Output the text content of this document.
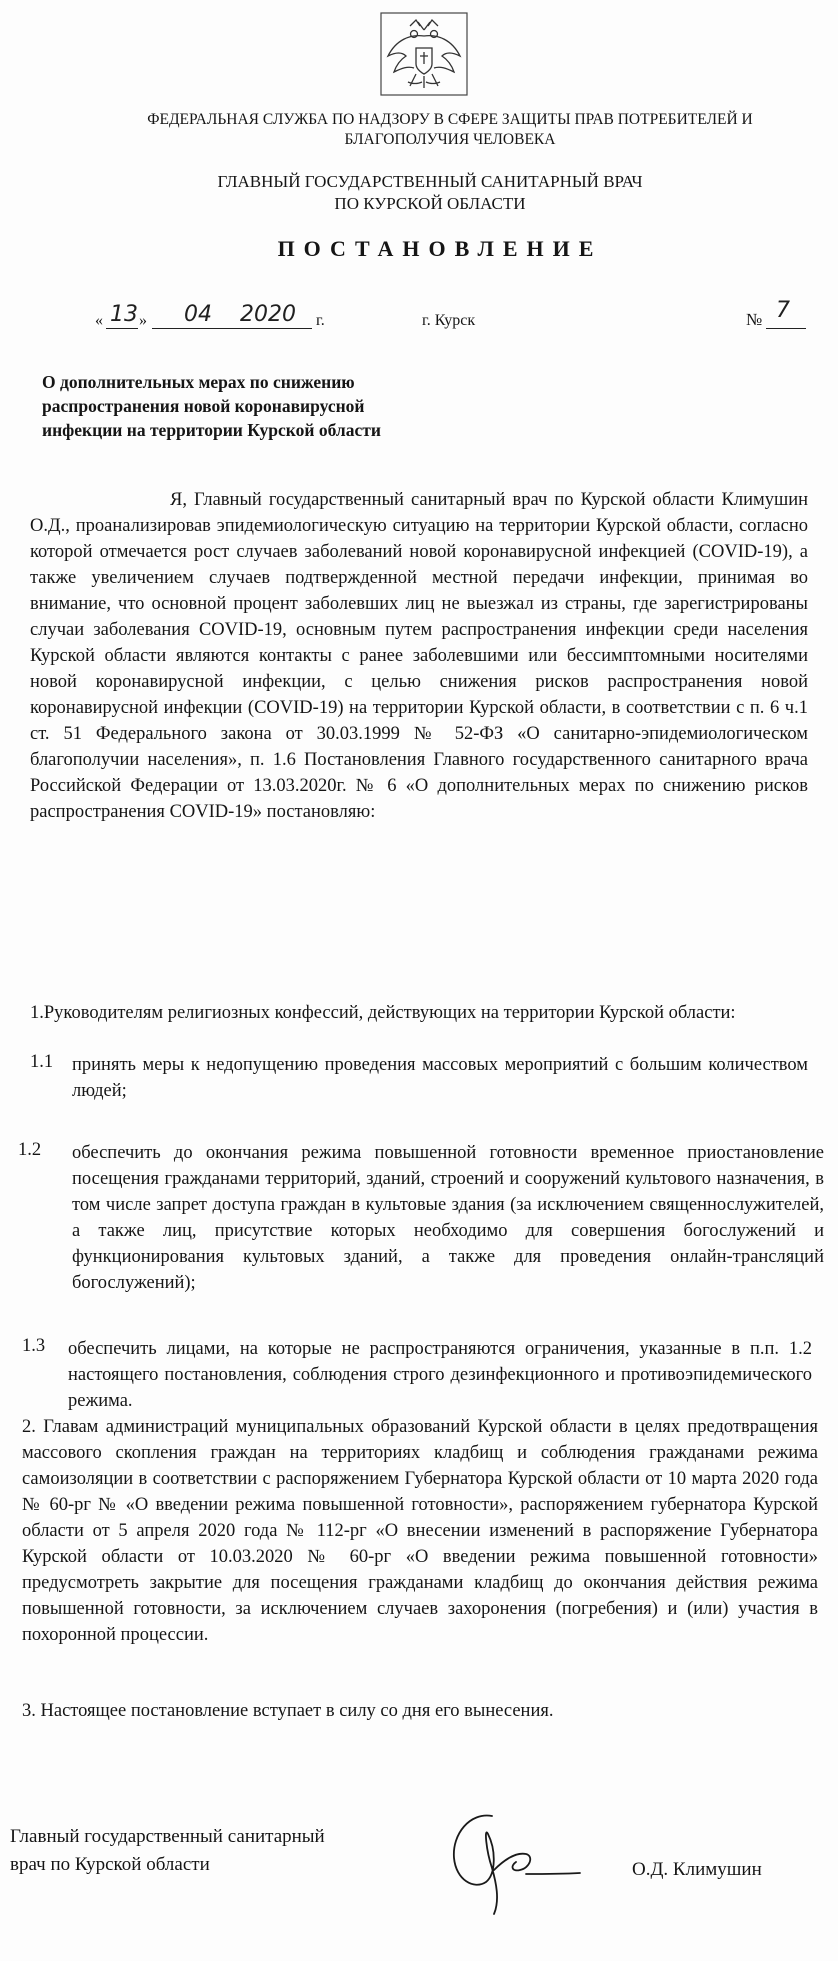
ФЕДЕРАЛЬНАЯ СЛУЖБА ПО НАДЗОРУ В СФЕРЕ ЗАЩИТЫ ПРАВ ПОТРЕБИТЕЛЕЙ И
БЛАГОПОЛУЧИЯ ЧЕЛОВЕКА
ГЛАВНЫЙ ГОСУДАРСТВЕННЫЙ САНИТАРНЫЙ ВРАЧ
ПО КУРСКОЙ ОБЛАСТИ
ПОСТАНОВЛЕНИЕ
« 13 » 04 2020 г.	г. Курск	№ 7
О дополнительных мерах по снижению распространения новой коронавирусной инфекции на территории Курской области
Я, Главный государственный санитарный врач по Курской области Климушин О.Д., проанализировав эпидемиологическую ситуацию на территории Курской области, согласно которой отмечается рост случаев заболеваний новой коронавирусной инфекцией (COVID-19), а также увеличением случаев подтвержденной местной передачи инфекции, принимая во внимание, что основной процент заболевших лиц не выезжал из страны, где зарегистрированы случаи заболевания COVID-19, основным путем распространения инфекции среди населения Курской области являются контакты с ранее заболевшими или бессимптомными носителями новой коронавирусной инфекции, с целью снижения рисков распространения новой коронавирусной инфекции (COVID-19) на территории Курской области, в соответствии с п. 6 ч.1 ст. 51 Федерального закона от 30.03.1999 № 52-ФЗ «О санитарно-эпидемиологическом благополучии населения», п. 1.6 Постановления Главного государственного санитарного врача Российской Федерации от 13.03.2020г. № 6 «О дополнительных мерах по снижению рисков распространения COVID-19» постановляю:
1.Руководителям религиозных конфессий, действующих на территории Курской области:
1.1 принять меры к недопущению проведения массовых мероприятий с большим количеством людей;
1.2 обеспечить до окончания режима повышенной готовности временное приостановление посещения гражданами территорий, зданий, строений и сооружений культового назначения, в том числе запрет доступа граждан в культовые здания (за исключением священнослужителей, а также лиц, присутствие которых необходимо для совершения богослужений и функционирования культовых зданий, а также для проведения онлайн-трансляций богослужений);
1.3 обеспечить лицами, на которые не распространяются ограничения, указанные в п.п. 1.2 настоящего постановления, соблюдения строго дезинфекционного и противоэпидемического режима.
2. Главам администраций муниципальных образований Курской области в целях предотвращения массового скопления граждан на территориях кладбищ и соблюдения гражданами режима самоизоляции в соответствии с распоряжением Губернатора Курской области от 10 марта 2020 года № 60-рг № «О введении режима повышенной готовности», распоряжением губернатора Курской области от 5 апреля 2020 года № 112-рг «О внесении изменений в распоряжение Губернатора Курской области от 10.03.2020 № 60-рг «О введении режима повышенной готовности» предусмотреть закрытие для посещения гражданами кладбищ до окончания действия режима повышенной готовности, за исключением случаев захоронения (погребения) и (или) участия в похоронной процессии.
3. Настоящее постановление вступает в силу со дня его вынесения.
Главный государственный санитарный
врач по Курской области	О.Д. Климушин
